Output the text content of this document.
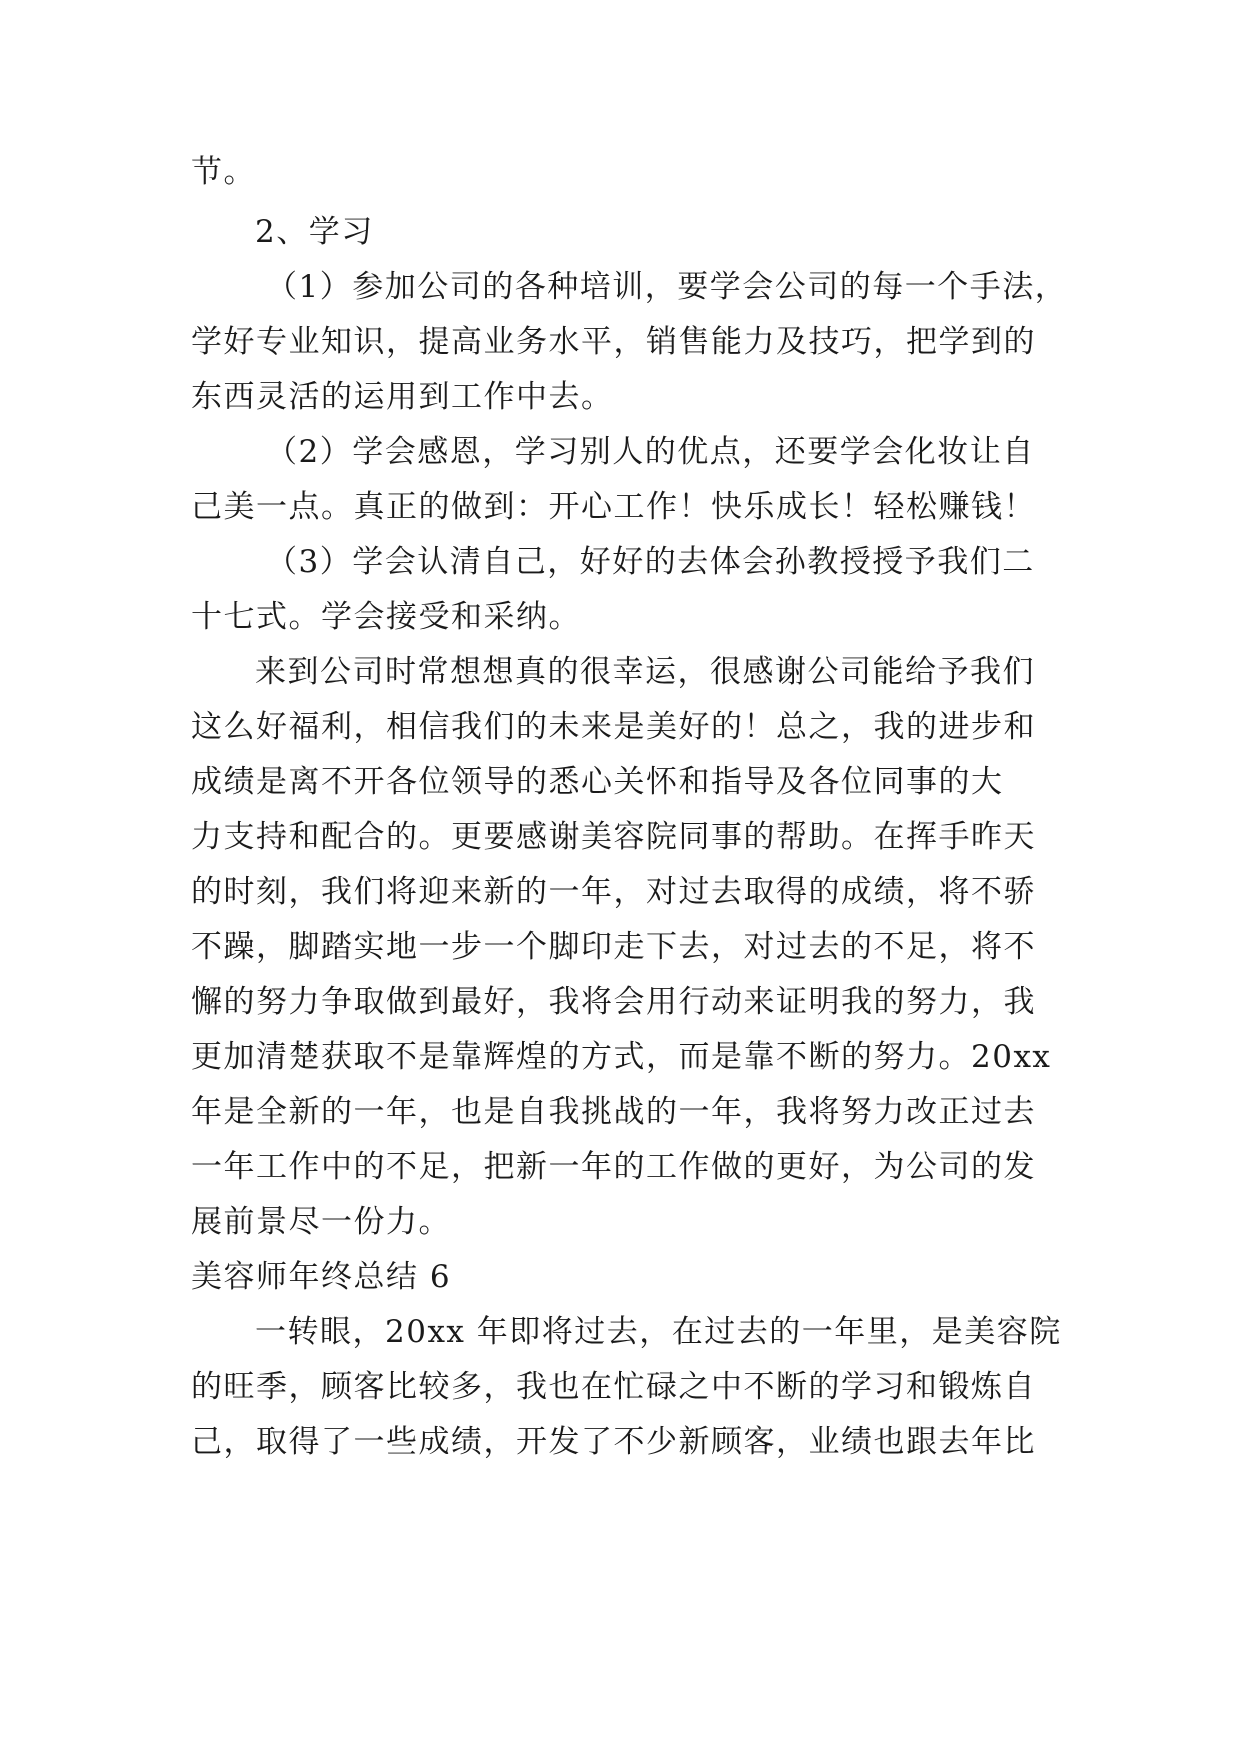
节。
2、学习
（1）参加公司的各种培训，要学会公司的每一个手法，
学好专业知识，提高业务水平，销售能力及技巧，把学到的
东西灵活的运用到工作中去。
（2）学会感恩，学习别人的优点，还要学会化妆让自
己美一点。真正的做到：开心工作！快乐成长！轻松赚钱！
（3）学会认清自己，好好的去体会孙教授授予我们二
十七式。学会接受和采纳。
来到公司时常想想真的很幸运，很感谢公司能给予我们
这么好福利，相信我们的未来是美好的！总之，我的进步和
成绩是离不开各位领导的悉心关怀和指导及各位同事的大
力支持和配合的。更要感谢美容院同事的帮助。在挥手昨天
的时刻，我们将迎来新的一年，对过去取得的成绩，将不骄
不躁，脚踏实地一步一个脚印走下去，对过去的不足，将不
懈的努力争取做到最好，我将会用行动来证明我的努力，我
更加清楚获取不是靠辉煌的方式，而是靠不断的努力。20xx
年是全新的一年，也是自我挑战的一年，我将努力改正过去
一年工作中的不足，把新一年的工作做的更好，为公司的发
展前景尽一份力。
美容师年终总结 6
一转眼，20xx 年即将过去，在过去的一年里，是美容院
的旺季，顾客比较多，我也在忙碌之中不断的学习和锻炼自
己，取得了一些成绩，开发了不少新顾客，业绩也跟去年比
